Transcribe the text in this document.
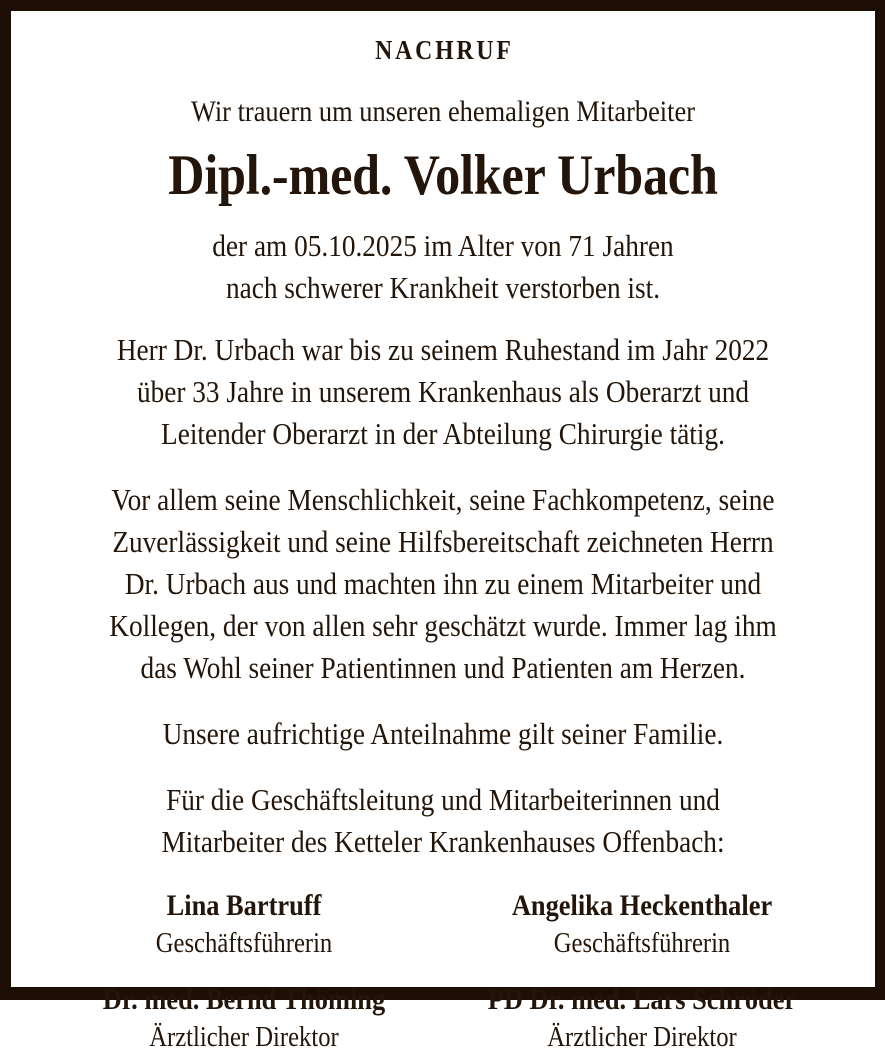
NACHRUF
Wir trauern um unseren ehemaligen Mitarbeiter
Dipl.-med. Volker Urbach
der am 05.10.2025 im Alter von 71 Jahren
nach schwerer Krankheit verstorben ist.
Herr Dr. Urbach war bis zu seinem Ruhestand im Jahr 2022
über 33 Jahre in unserem Krankenhaus als Oberarzt und
Leitender Oberarzt in der Abteilung Chirurgie tätig.
Vor allem seine Menschlichkeit, seine Fachkompetenz, seine
Zuverlässigkeit und seine Hilfsbereitschaft zeichneten Herrn
Dr. Urbach aus und machten ihn zu einem Mitarbeiter und
Kollegen, der von allen sehr geschätzt wurde. Immer lag ihm
das Wohl seiner Patientinnen und Patienten am Herzen.
Unsere aufrichtige Anteilnahme gilt seiner Familie.
Für die Geschäftsleitung und Mitarbeiterinnen und
Mitarbeiter des Ketteler Krankenhauses Offenbach:
Lina Bartruff
Geschäftsführerin
Angelika Heckenthaler
Geschäftsführerin
Dr. med. Bernd Thöming
Ärztlicher Direktor
PD Dr. med. Lars Schröder
Ärztlicher Direktor
